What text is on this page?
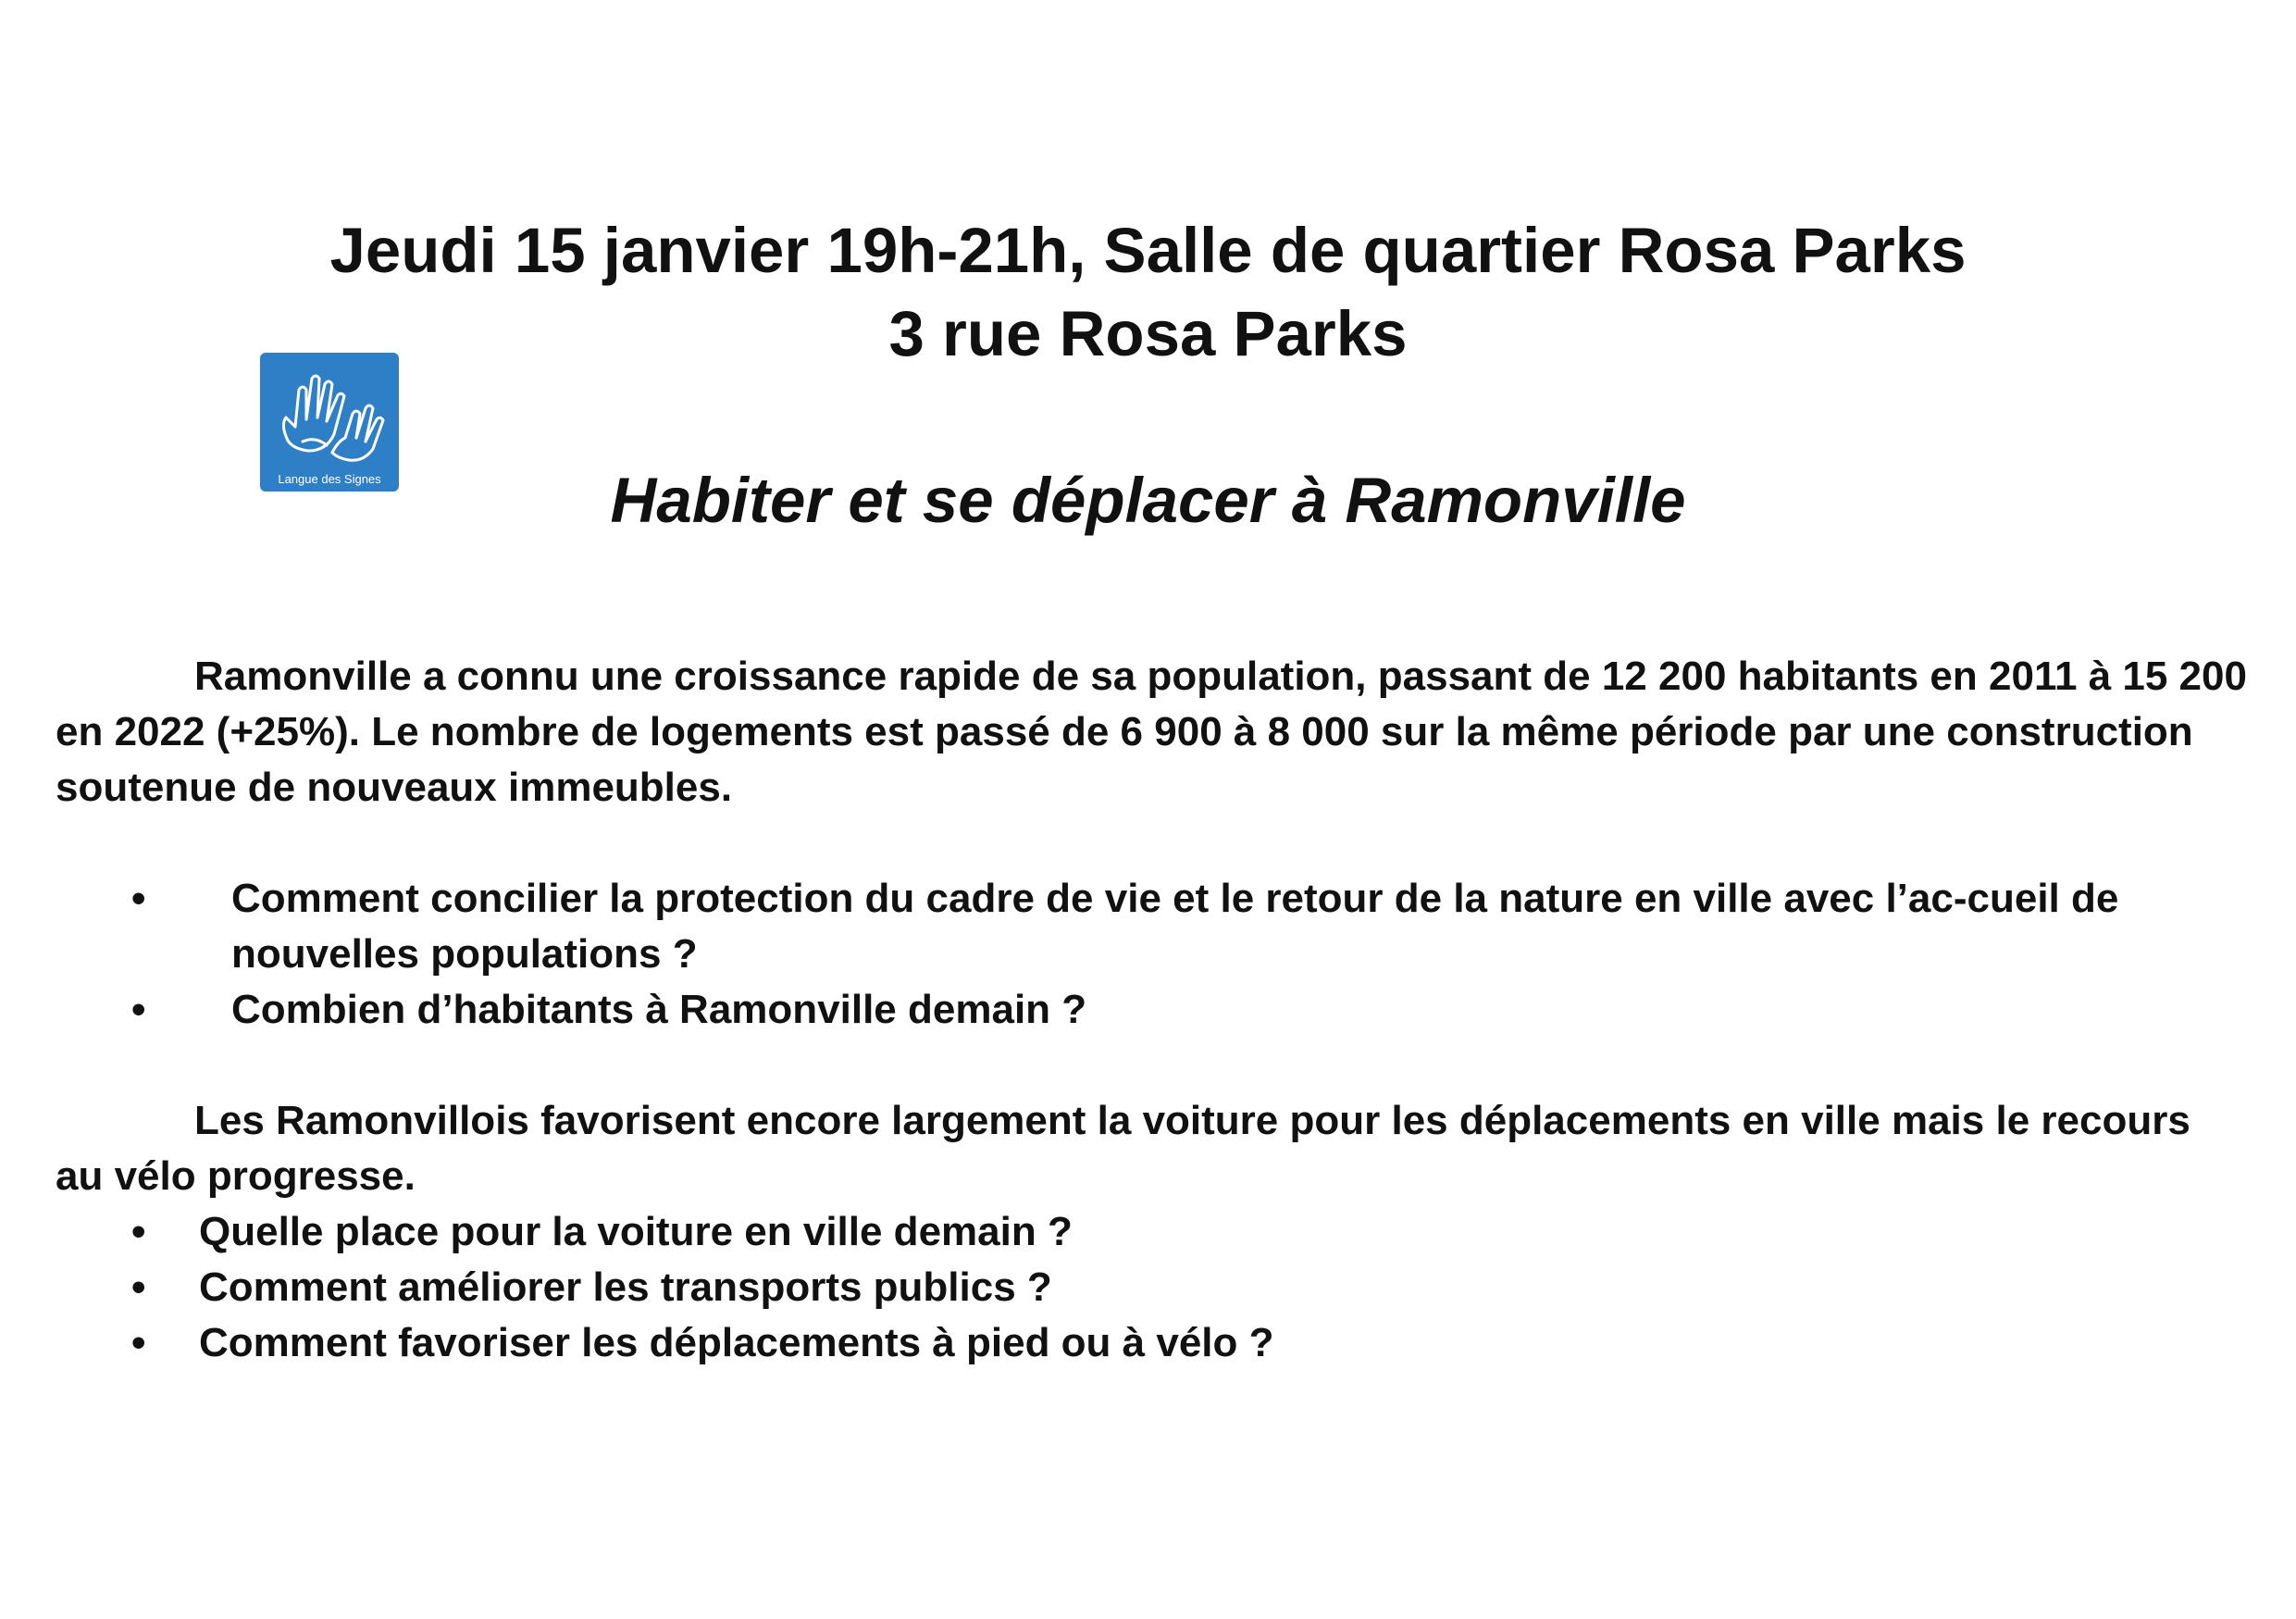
Jeudi 15 janvier 19h-21h, Salle de quartier Rosa Parks
3 rue Rosa Parks
Langue des Signes	Habiter et se déplacer à Ramonville

Ramonville a connu une croissance rapide de sa population, passant de 12 200 habitants en 2011 à 15 200 en 2022 (+25%). Le nombre de logements est passé de 6 900 à 8 000 sur la même période par une construction soutenue de nouveaux immeubles.

• Comment concilier la protection du cadre de vie et le retour de la nature en ville avec l’ac-cueil de nouvelles populations ?
• Combien d’habitants à Ramonville demain ?

Les Ramonvillois favorisent encore largement la voiture pour les déplacements en ville mais le recours au vélo progresse.

• Quelle place pour la voiture en ville demain ?
• Comment améliorer les transports publics ?
• Comment favoriser les déplacements à pied ou à vélo ?
